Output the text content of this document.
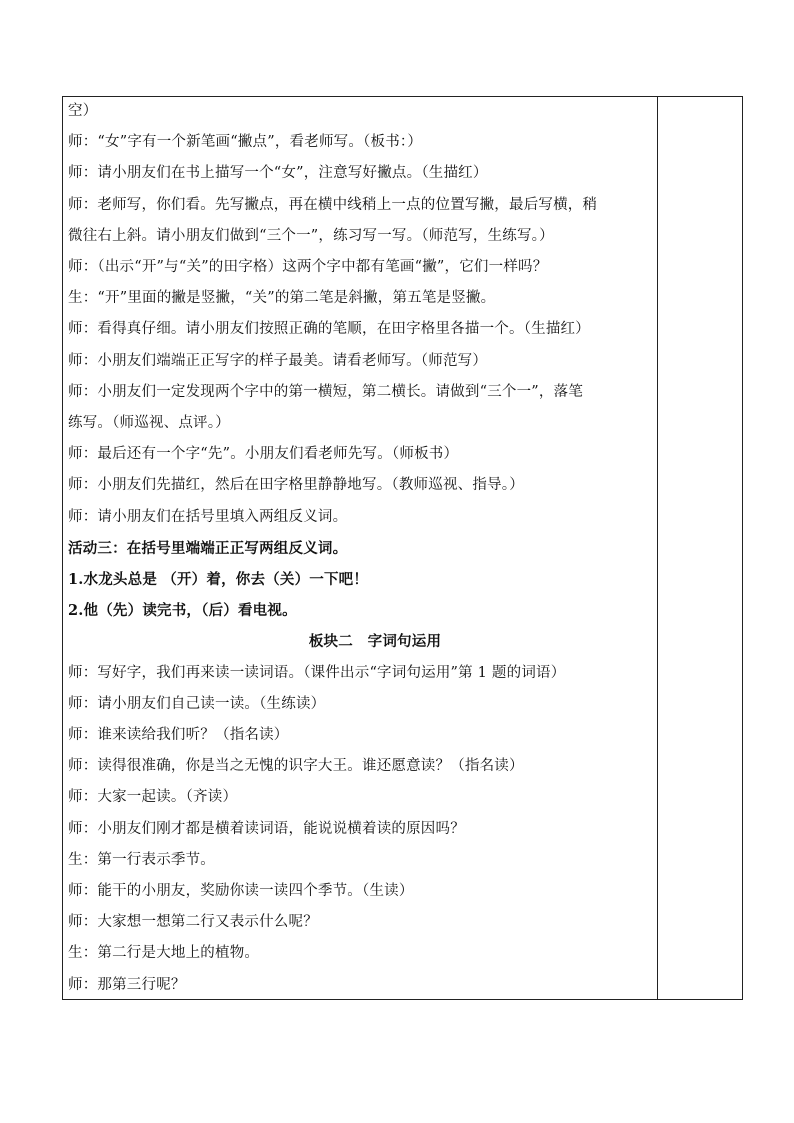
空）
师：“女”字有一个新笔画“撇点”，看老师写。（板书：）
师：请小朋友们在书上描写一个“女”，注意写好撇点。（生描红）
师：老师写，你们看。先写撇点，再在横中线稍上一点的位置写撇，最后写横，稍
微往右上斜。请小朋友们做到“三个一”，练习写一写。（师范写，生练写。）
师：（出示“开”与“关”的田字格）这两个字中都有笔画“撇”，它们一样吗？
生：“开”里面的撇是竖撇，“关”的第二笔是斜撇，第五笔是竖撇。
师：看得真仔细。请小朋友们按照正确的笔顺，在田字格里各描一个。（生描红）
师：小朋友们端端正正写字的样子最美。请看老师写。（师范写）
师：小朋友们一定发现两个字中的第一横短，第二横长。请做到“三个一”，落笔
练写。（师巡视、点评。）
师：最后还有一个字“先”。小朋友们看老师先写。（师板书）
师：小朋友们先描红，然后在田字格里静静地写。（教师巡视、指导。）
师：请小朋友们在括号里填入两组反义词。
活动三：在括号里端端正正写两组反义词。
1.水龙头总是 （开）着，你去（关）一下吧！
2.他（先）读完书，（后）看电视。
板块二　字词句运用
师：写好字，我们再来读一读词语。（课件出示“字词句运用”第 1 题的词语）
师：请小朋友们自己读一读。（生练读）
师：谁来读给我们听？（指名读）
师：读得很准确，你是当之无愧的识字大王。谁还愿意读？（指名读）
师：大家一起读。（齐读）
师：小朋友们刚才都是横着读词语，能说说横着读的原因吗？
生：第一行表示季节。
师：能干的小朋友，奖励你读一读四个季节。（生读）
师：大家想一想第二行又表示什么呢？
生：第二行是大地上的植物。
师：那第三行呢？
